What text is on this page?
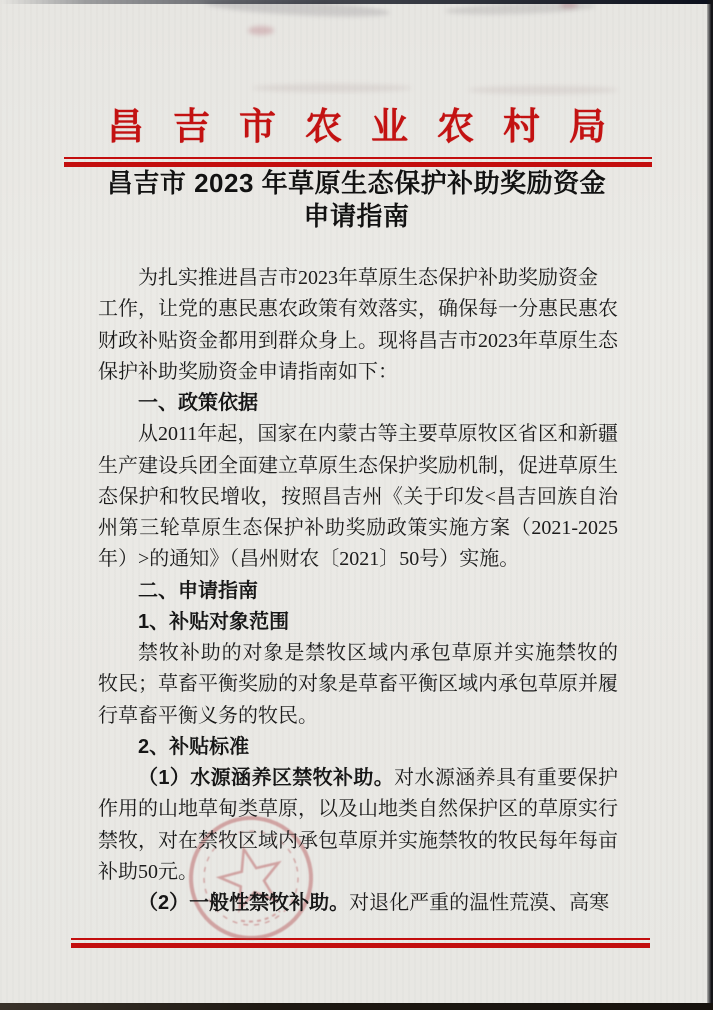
昌吉市农业农村局
昌吉市 2023 年草原生态保护补助奖励资金
申请指南
为扎实推进昌吉市2023年草原生态保护补助奖励资金
工作，让党的惠民惠农政策有效落实，确保每一分惠民惠农
财政补贴资金都用到群众身上。现将昌吉市2023年草原生态
保护补助奖励资金申请指南如下：
一、政策依据
从2011年起，国家在内蒙古等主要草原牧区省区和新疆
生产建设兵团全面建立草原生态保护奖励机制，促进草原生
态保护和牧民增收，按照昌吉州《关于印发<昌吉回族自治
州第三轮草原生态保护补助奖励政策实施方案（2021-2025
年）>的通知》（昌州财农〔2021〕50号）实施。
二、申请指南
1、补贴对象范围
禁牧补助的对象是禁牧区域内承包草原并实施禁牧的
牧民；草畜平衡奖励的对象是草畜平衡区域内承包草原并履
行草畜平衡义务的牧民。
2、补贴标准
（1）水源涵养区禁牧补助。对水源涵养具有重要保护
作用的山地草甸类草原，以及山地类自然保护区的草原实行
禁牧，对在禁牧区域内承包草原并实施禁牧的牧民每年每亩
补助50元。
（2）一般性禁牧补助。对退化严重的温性荒漠、高寒
